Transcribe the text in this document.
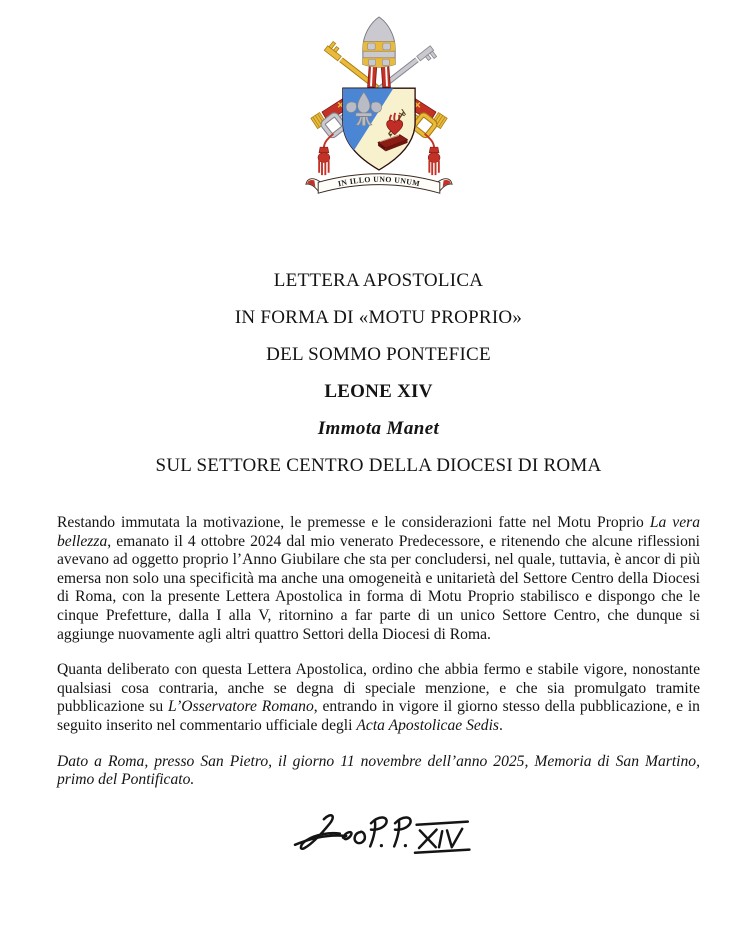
IN ILLO UNO UNUM
LETTERA APOSTOLICA
IN FORMA DI «MOTU PROPRIO»
DEL SOMMO PONTEFICE
LEONE XIV
Immota Manet
SUL SETTORE CENTRO DELLA DIOCESI DI ROMA

Restando immutata la motivazione, le premesse e le considerazioni fatte nel Motu Proprio La vera bellezza, emanato il 4 ottobre 2024 dal mio venerato Predecessore, e ritenendo che alcune riflessioni avevano ad oggetto proprio l’Anno Giubilare che sta per concludersi, nel quale, tuttavia, è ancor di più emersa non solo una specificità ma anche una omogeneità e unitarietà del Settore Centro della Diocesi di Roma, con la presente Lettera Apostolica in forma di Motu Proprio stabilisco e dispongo che le cinque Prefetture, dalla I alla V, ritornino a far parte di un unico Settore Centro, che dunque si aggiunge nuovamente agli altri quattro Settori della Diocesi di Roma.

Quanta deliberato con questa Lettera Apostolica, ordino che abbia fermo e stabile vigore, nonostante qualsiasi cosa contraria, anche se degna di speciale menzione, e che sia promulgato tramite pubblicazione su L’Osservatore Romano, entrando in vigore il giorno stesso della pubblicazione, e in seguito inserito nel commentario ufficiale degli Acta Apostolicae Sedis.

Dato a Roma, presso San Pietro, il giorno 11 novembre dell’anno 2025, Memoria di San Martino, primo del Pontificato.
